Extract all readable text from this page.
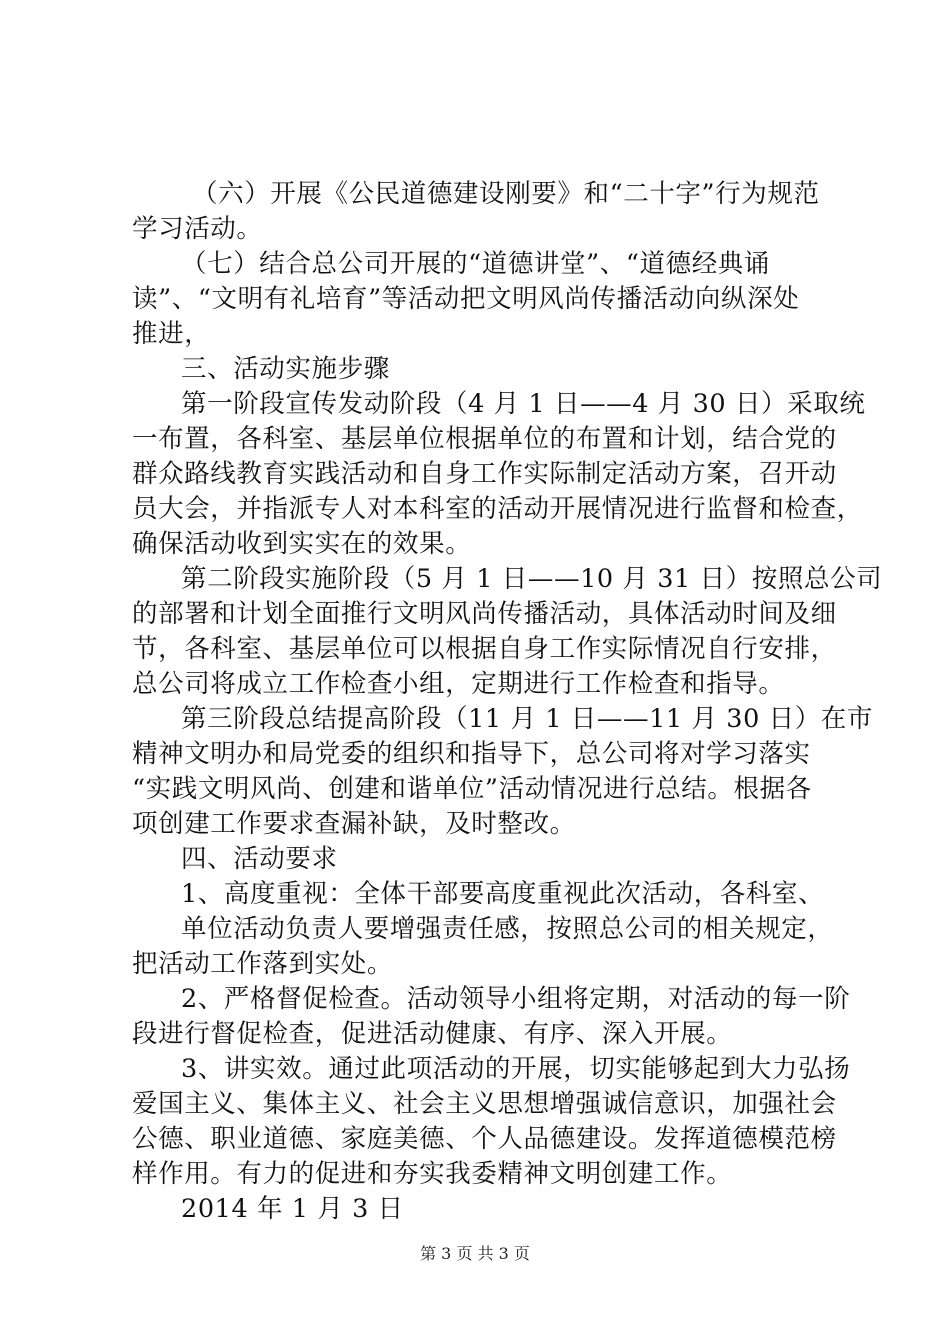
（六）开展《公民道德建设刚要》和“二十字”行为规范
学习活动。
（七）结合总公司开展的“道德讲堂”、“道德经典诵
读”、“文明有礼培育”等活动把文明风尚传播活动向纵深处
推进，
三、活动实施步骤
第一阶段宣传发动阶段（4 月 1 日——4 月 30 日）采取统
一布置，各科室、基层单位根据单位的布置和计划，结合党的
群众路线教育实践活动和自身工作实际制定活动方案，召开动
员大会，并指派专人对本科室的活动开展情况进行监督和检查，
确保活动收到实实在的效果。
第二阶段实施阶段（5 月 1 日——10 月 31 日）按照总公司
的部署和计划全面推行文明风尚传播活动，具体活动时间及细
节，各科室、基层单位可以根据自身工作实际情况自行安排，
总公司将成立工作检查小组，定期进行工作检查和指导。
第三阶段总结提高阶段（11 月 1 日——11 月 30 日）在市
精神文明办和局党委的组织和指导下，总公司将对学习落实
“实践文明风尚、创建和谐单位”活动情况进行总结。根据各
项创建工作要求查漏补缺，及时整改。
四、活动要求
1、高度重视：全体干部要高度重视此次活动，各科室、
单位活动负责人要增强责任感，按照总公司的相关规定，
把活动工作落到实处。
2、严格督促检查。活动领导小组将定期，对活动的每一阶
段进行督促检查，促进活动健康、有序、深入开展。
3、讲实效。通过此项活动的开展，切实能够起到大力弘扬
爱国主义、集体主义、社会主义思想增强诚信意识，加强社会
公德、职业道德、家庭美德、个人品德建设。发挥道德模范榜
样作用。有力的促进和夯实我委精神文明创建工作。
2014 年 1 月 3 日
第 3 页 共 3 页
